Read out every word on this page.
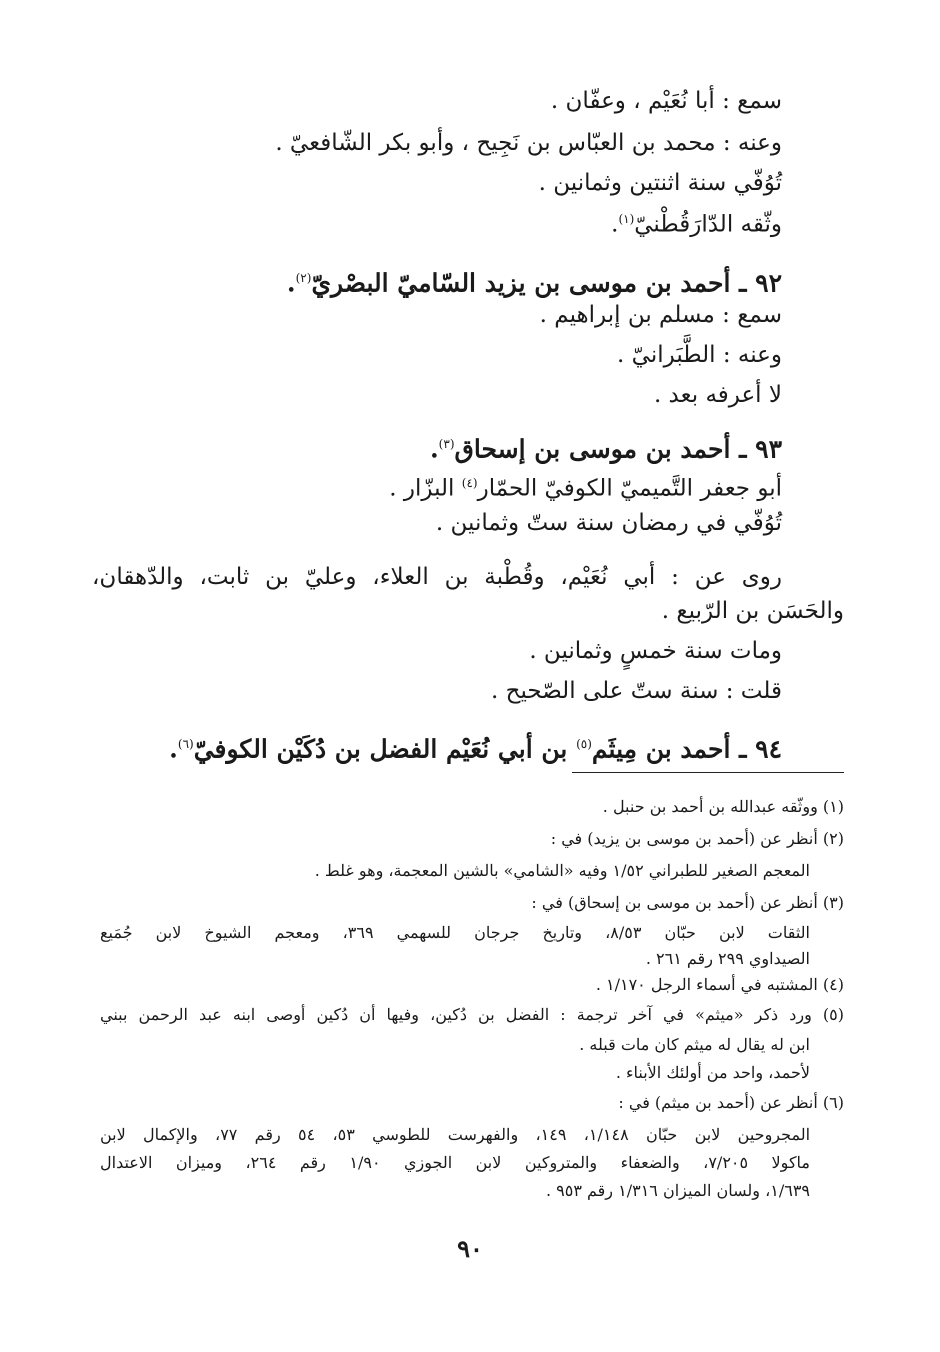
سمع : أبا نُعَيْم ، وعفّان .
وعنه : محمد بن العبّاس بن نَجِيح ، وأبو بكر الشّافعيّ .
تُوُفّي سنة اثنتين وثمانين .
وثّقه الدّارَقُطْنيّ$^{(١)}$.
٩٢ ـ أحمد بن موسى بن يزيد السّاميّ البصْريّ$^{(٢)}$.
سمع : مسلم بن إبراهيم .
وعنه : الطَّبَرانيّ .
لا أعرفه بعد .
٩٣ ـ أحمد بن موسى بن إسحاق$^{(٣)}$.
أبو جعفر التَّميميّ الكوفيّ الحمّار$^{(٤)}$ البزّار .
تُوُفّي في رمضان سنة ستّ وثمانين .
روى عن : أبي نُعَيْم، وقُطْبة بن العلاء، وعليّ بن ثابت، والدّهقان،
والحَسَن بن الرّبيع .
ومات سنة خمسٍ وثمانين .
قلت : سنة ستّ على الصّحيح .
٩٤ ـ أحمد بن مِيثَم$^{(٥)}$ بن أبي نُعَيْم الفضل بن دُكَيْن الكوفيّ$^{(٦)}$.
(١) ووثّقه عبدالله بن أحمد بن حنبل .
(٢) أنظر عن (أحمد بن موسى بن يزيد) في :
المعجم الصغير للطبراني ١/٥٢ وفيه «الشامي» بالشين المعجمة، وهو غلط .
(٣) أنظر عن (أحمد بن موسى بن إسحاق) في :
الثقات لابن حبّان ٨/٥٣، وتاريخ جرجان للسهمي ٣٦٩، ومعجم الشيوخ لابن جُمَيع
الصيداوي ٢٩٩ رقم ٢٦١ .
(٤) المشتبه في أسماء الرجل ١/١٧٠ .
(٥) ورد ذكر «ميثم» في آخر ترجمة : الفضل بن دُكين، وفيها أن دُكين أوصى ابنه عبد الرحمن ببني
ابن له يقال له ميثم كان مات قبله .
لأحمد، واحد من أولئك الأبناء .
(٦) أنظر عن (أحمد بن ميثم) في :
المجروحين لابن حبّان ١/١٤٨، ١٤٩، والفهرست للطوسي ٥٣، ٥٤ رقم ٧٧، والإكمال لابن
ماكولا ٧/٢٠٥، والضعفاء والمتروكين لابن الجوزي ١/٩٠ رقم ٢٦٤، وميزان الاعتدال
١/٦٣٩، ولسان الميزان ١/٣١٦ رقم ٩٥٣ .
٩٠
